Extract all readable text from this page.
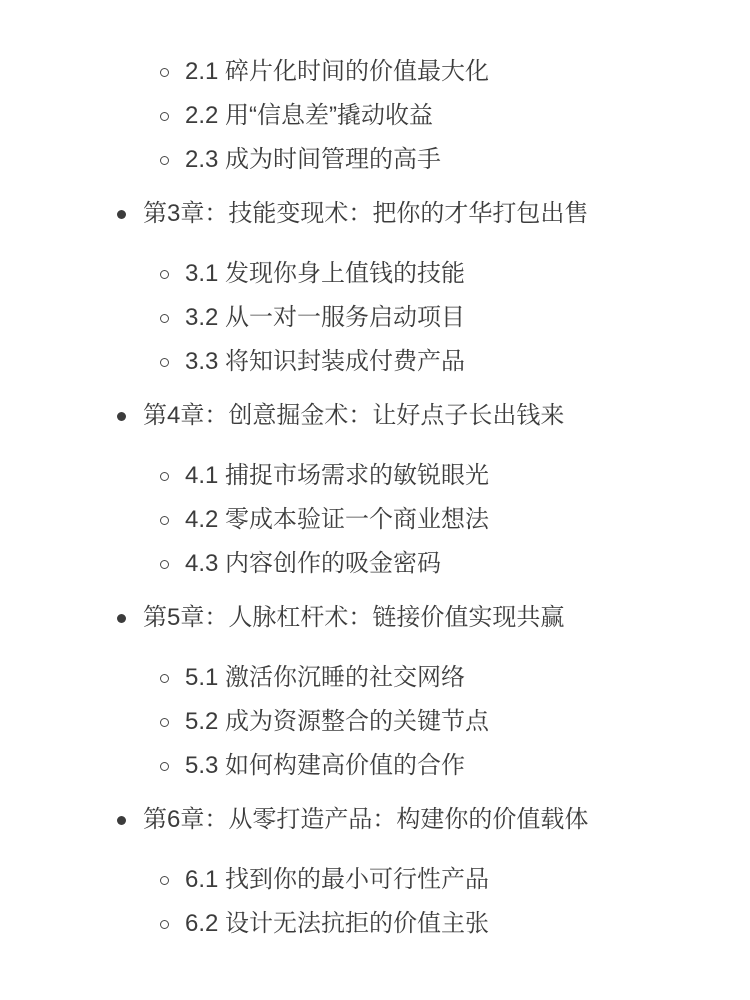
2.1 碎片化时间的价值最大化
2.2 用“信息差”撬动收益
2.3 成为时间管理的高手
第3章：技能变现术：把你的才华打包出售
3.1 发现你身上值钱的技能
3.2 从一对一服务启动项目
3.3 将知识封装成付费产品
第4章：创意掘金术：让好点子长出钱来
4.1 捕捉市场需求的敏锐眼光
4.2 零成本验证一个商业想法
4.3 内容创作的吸金密码
第5章：人脉杠杆术：链接价值实现共赢
5.1 激活你沉睡的社交网络
5.2 成为资源整合的关键节点
5.3 如何构建高价值的合作
第6章：从零打造产品：构建你的价值载体
6.1 找到你的最小可行性产品
6.2 设计无法抗拒的价值主张
